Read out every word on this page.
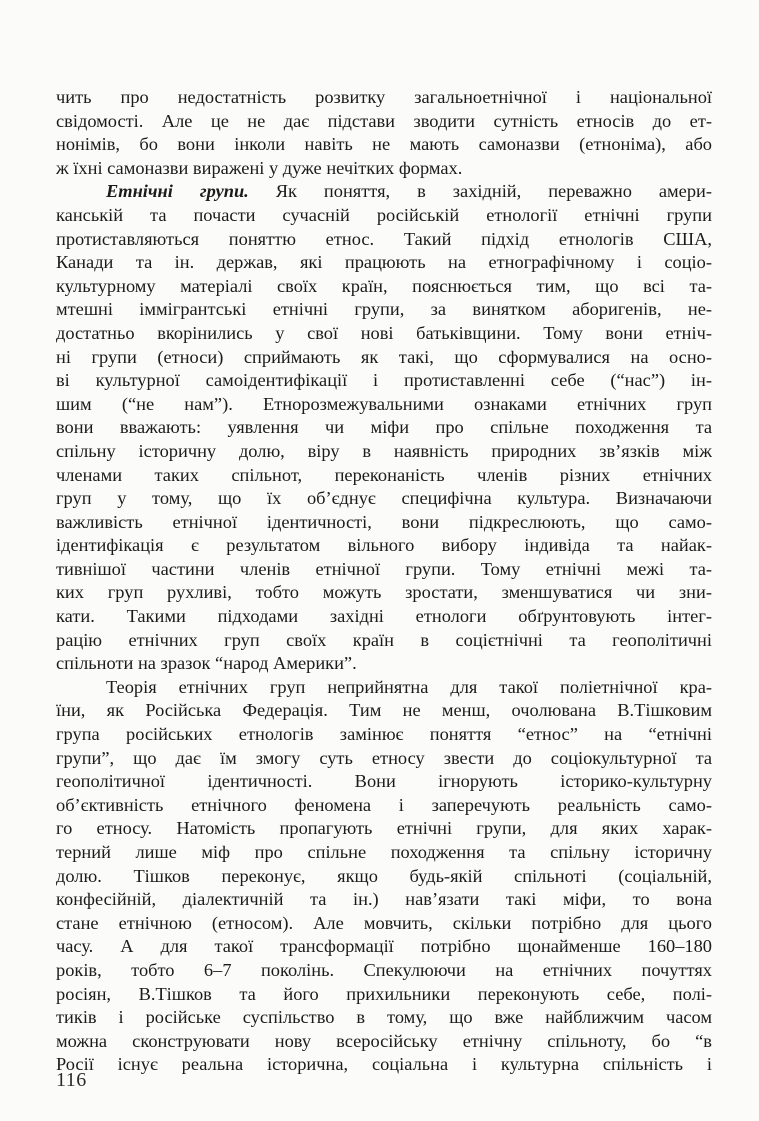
чить про недостатність розвитку загальноетнічної і національної
свідомості. Але це не дає підстави зводити сутність етносів до ет-
нонімів, бо вони інколи навіть не мають самоназви (етноніма), або
ж їхні самоназви виражені у дуже нечітких формах.
Етнічні групи. Як поняття, в західній, переважно амери-
канській та почасти сучасній російській етнології етнічні групи
протиставляються поняттю етнос. Такий підхід етнологів США,
Канади та ін. держав, які працюють на етнографічному і соціо-
культурному матеріалі своїх країн, пояснюється тим, що всі та-
мтешні іммігрантські етнічні групи, за винятком аборигенів, не-
достатньо вкорінились у свої нові батьківщини. Тому вони етніч-
ні групи (етноси) сприймають як такі, що сформувалися на осно-
ві культурної самоідентифікації і протиставленні себе (“нас”) ін-
шим (“не нам”). Етнорозмежувальними ознаками етнічних груп
вони вважають: уявлення чи міфи про спільне походження та
спільну історичну долю, віру в наявність природних зв’язків між
членами таких спільнот, переконаність членів різних етнічних
груп у тому, що їх об’єднує специфічна культура. Визначаючи
важливість етнічної ідентичності, вони підкреслюють, що само-
ідентифікація є результатом вільного вибору індивіда та найак-
тивнішої частини членів етнічної групи. Тому етнічні межі та-
ких груп рухливі, тобто можуть зростати, зменшуватися чи зни-
кати. Такими підходами західні етнологи обґрунтовують інтег-
рацію етнічних груп своїх країн в соцієтнічні та геополітичні
спільноти на зразок “народ Америки”.
Теорія етнічних груп неприйнятна для такої поліетнічної кра-
їни, як Російська Федерація. Тим не менш, очолювана В.Тішковим
група російських етнологів замінює поняття “етнос” на “етнічні
групи”, що дає їм змогу суть етносу звести до соціокультурної та
геополітичної ідентичності. Вони ігнорують історико-культурну
об’єктивність етнічного феномена і заперечують реальність само-
го етносу. Натомість пропагують етнічні групи, для яких харак-
терний лише міф про спільне походження та спільну історичну
долю. Тішков переконує, якщо будь-якій спільноті (соціальній,
конфесійній, діалектичній та ін.) нав’язати такі міфи, то вона
стане етнічною (етносом). Але мовчить, скільки потрібно для цього
часу. А для такої трансформації потрібно щонайменше 160–180
років, тобто 6–7 поколінь. Спекулюючи на етнічних почуттях
росіян, В.Тішков та його прихильники переконують себе, полі-
тиків і російське суспільство в тому, що вже найближчим часом
можна сконструювати нову всеросійську етнічну спільноту, бо “в
Росії існує реальна історична, соціальна і культурна спільність і
116
